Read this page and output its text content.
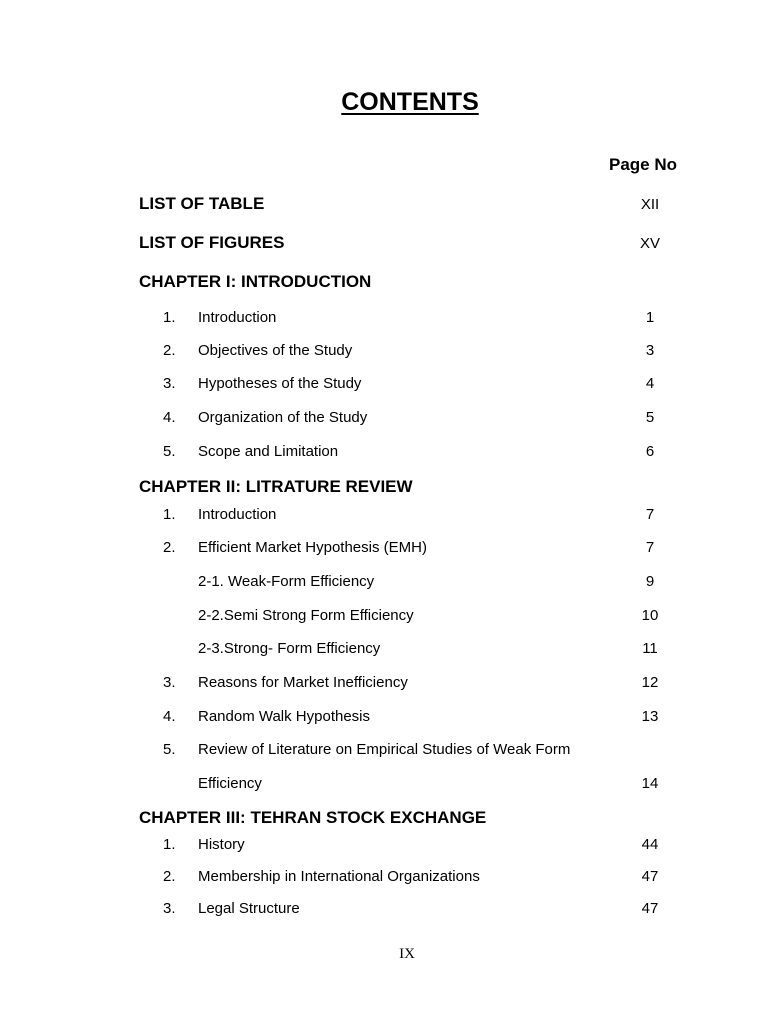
CONTENTS
Page No
LIST OF TABLE	XII
LIST OF FIGURES	XV
CHAPTER I: INTRODUCTION
1. Introduction	1
2. Objectives of the Study	3
3. Hypotheses of the Study	4
4. Organization of the Study	5
5. Scope and Limitation	6
CHAPTER II: LITRATURE REVIEW
1. Introduction	7
2. Efficient Market Hypothesis (EMH)	7
2-1. Weak-Form Efficiency	9
2-2.Semi Strong Form Efficiency	10
2-3.Strong- Form Efficiency	11
3. Reasons for Market Inefficiency	12
4. Random Walk Hypothesis	13
5. Review of Literature on Empirical Studies of Weak Form
Efficiency	14
CHAPTER III: TEHRAN STOCK EXCHANGE
1. History	44
2. Membership in International Organizations	47
3. Legal Structure	47
IX
